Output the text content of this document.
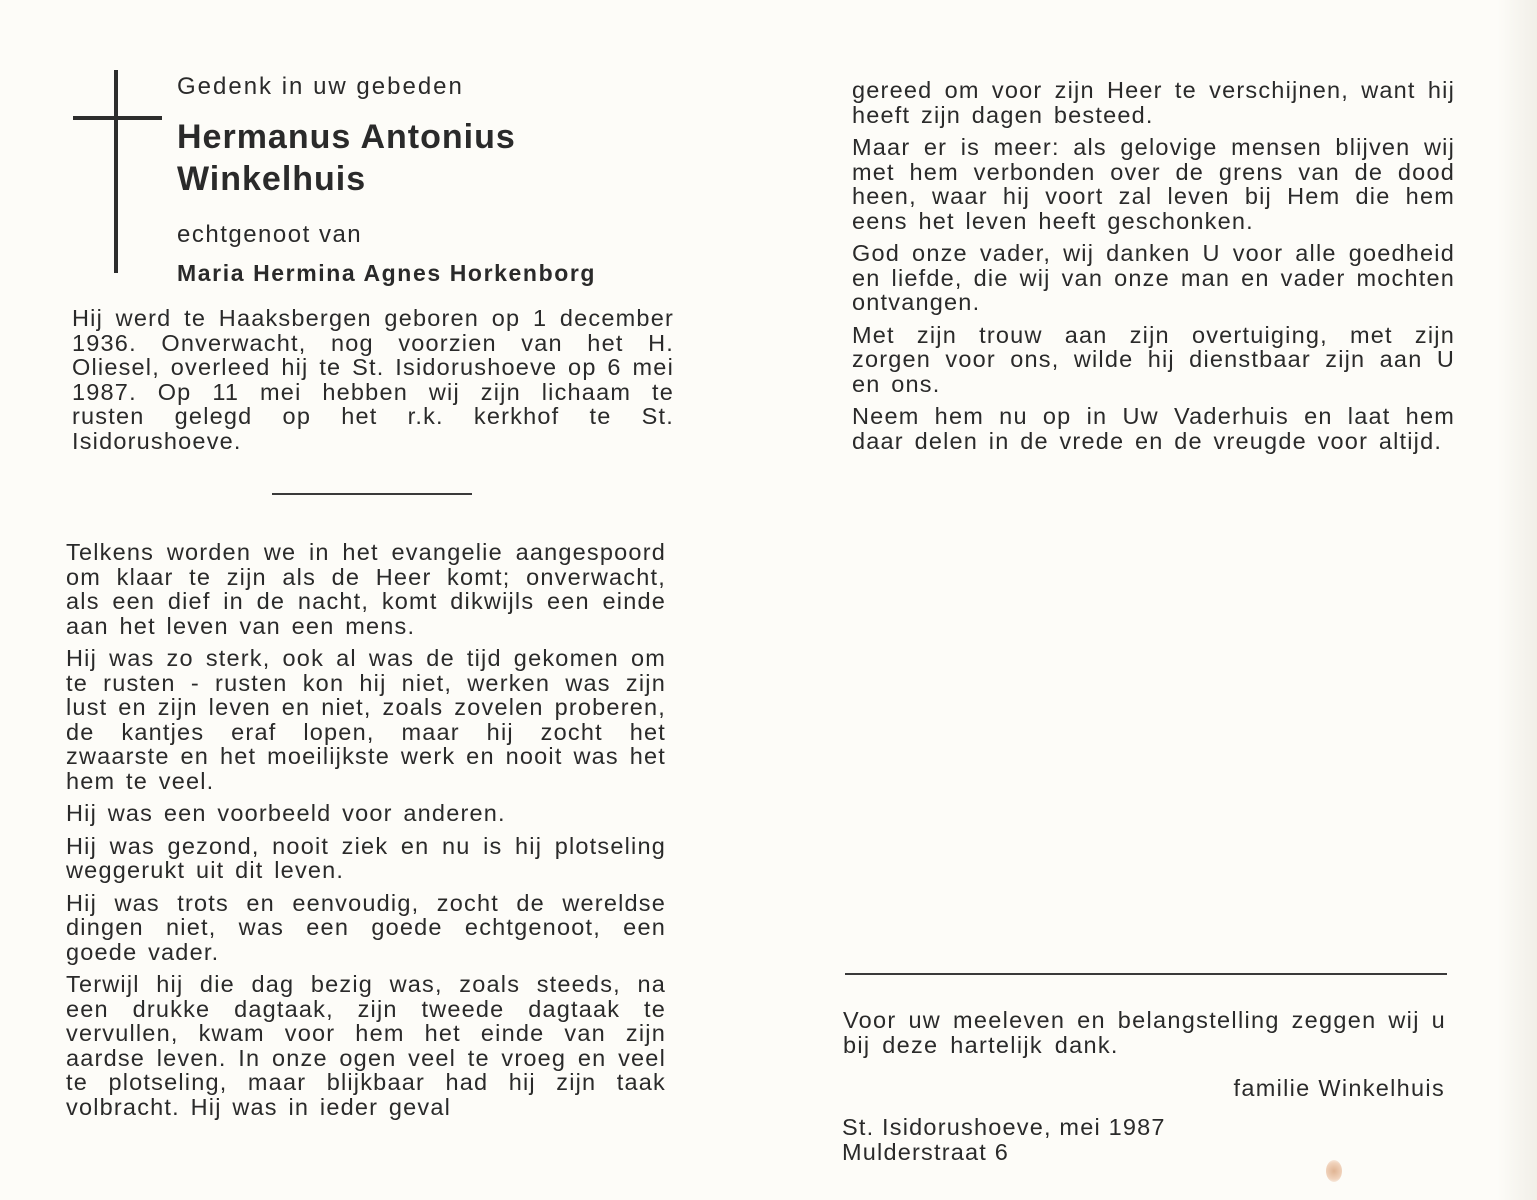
Gedenk in uw gebeden

Hermanus Antonius
Winkelhuis

echtgenoot van

Maria Hermina Agnes Horkenborg

Hij werd te Haaksbergen geboren op 1 december 1936. Onverwacht, nog voorzien van het H. Oliesel, overleed hij te St. Isidorushoeve op 6 mei 1987. Op 11 mei hebben wij zijn lichaam te rusten gelegd op het r.k. kerkhof te St. Isidorushoeve.

Telkens worden we in het evangelie aangespoord om klaar te zijn als de Heer komt; onverwacht, als een dief in de nacht, komt dikwijls een einde aan het leven van een mens.

Hij was zo sterk, ook al was de tijd gekomen om te rusten - rusten kon hij niet, werken was zijn lust en zijn leven en niet, zoals zovelen proberen, de kantjes eraf lopen, maar hij zocht het zwaarste en het moeilijkste werk en nooit was het hem te veel.

Hij was een voorbeeld voor anderen.

Hij was gezond, nooit ziek en nu is hij plotseling weggerukt uit dit leven.

Hij was trots en eenvoudig, zocht de wereldse dingen niet, was een goede echtgenoot, een goede vader.

Terwijl hij die dag bezig was, zoals steeds, na een drukke dagtaak, zijn tweede dagtaak te vervullen, kwam voor hem het einde van zijn aardse leven. In onze ogen veel te vroeg en veel te plotseling, maar blijkbaar had hij zijn taak volbracht. Hij was in ieder geval

gereed om voor zijn Heer te verschijnen, want hij heeft zijn dagen besteed.

Maar er is meer: als gelovige mensen blijven wij met hem verbonden over de grens van de dood heen, waar hij voort zal leven bij Hem die hem eens het leven heeft geschonken.

God onze vader, wij danken U voor alle goedheid en liefde, die wij van onze man en vader mochten ontvangen.

Met zijn trouw aan zijn overtuiging, met zijn zorgen voor ons, wilde hij dienstbaar zijn aan U en ons.

Neem hem nu op in Uw Vaderhuis en laat hem daar delen in de vrede en de vreugde voor altijd.

Voor uw meeleven en belangstelling zeggen wij u bij deze hartelijk dank.

familie Winkelhuis

St. Isidorushoeve, mei 1987

Mulderstraat 6
